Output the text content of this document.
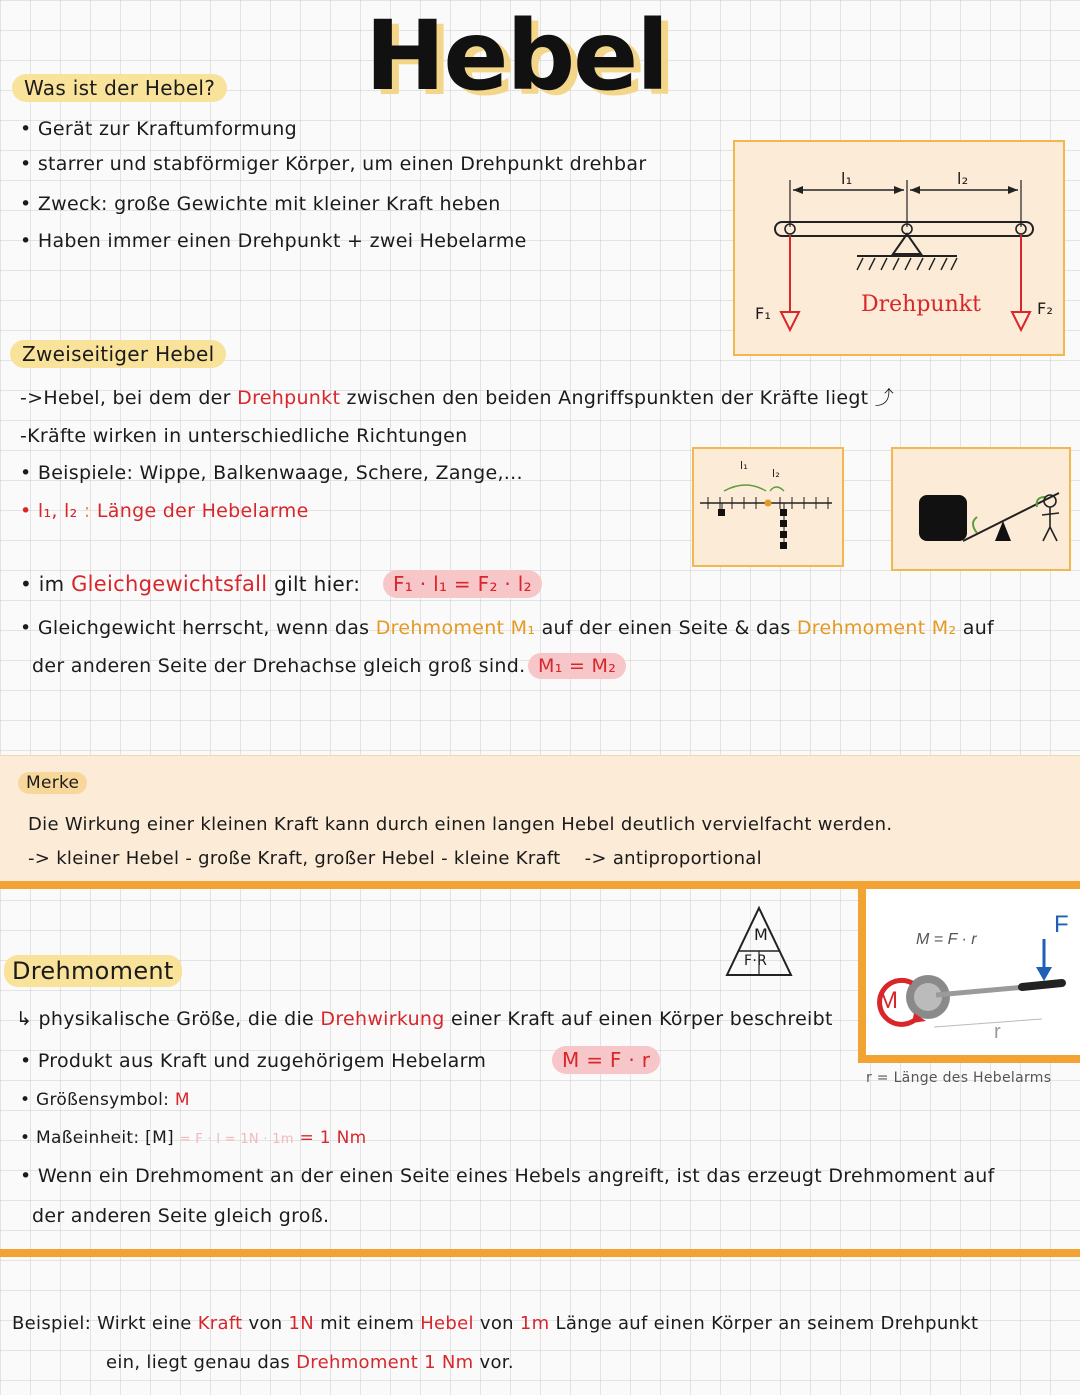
Hebel
Was ist der Hebel?
• Gerät zur Kraftumformung
• starrer und stabförmiger Körper, um einen Drehpunkt drehbar
• Zweck: große Gewichte mit kleiner Kraft heben
• Haben immer einen Drehpunkt + zwei Hebelarme
l₁	l₂
F₁	F₂
Drehpunkt
Zweiseitiger Hebel
->Hebel, bei dem der Drehpunkt zwischen den beiden Angriffspunkten der Kräfte liegt ⤴
-Kräfte wirken in unterschiedliche Richtungen
• Beispiele: Wippe, Balkenwaage, Schere, Zange,...
• l₁, l₂ : Länge der Hebelarme
l₁
l₂
• im Gleichgewichtsfall gilt hier:	F₁ · l₁ = F₂ · l₂
• Gleichgewicht herrscht, wenn das Drehmoment M₁ auf der einen Seite & das Drehmoment M₂ auf
der anderen Seite der Drehachse gleich groß sind. M₁ = M₂
Merke
Die Wirkung einer kleinen Kraft kann durch einen langen Hebel deutlich vervielfacht werden.
-> kleiner Hebel - große Kraft, großer Hebel - kleine Kraft -> antiproportional
Drehmoment
M
F·R
M = F · r
M
F
r
r = Länge des Hebelarms
↳ physikalische Größe, die die Drehwirkung einer Kraft auf einen Körper beschreibt
• Produkt aus Kraft und zugehörigem Hebelarm	M = F · r
• Größensymbol: M
• Maßeinheit: [M] = F · l = 1N · 1m = 1 Nm
• Wenn ein Drehmoment an der einen Seite eines Hebels angreift, ist das erzeugt Drehmoment auf
der anderen Seite gleich groß.
Beispiel: Wirkt eine Kraft von 1N mit einem Hebel von 1m Länge auf einen Körper an seinem Drehpunkt
ein, liegt genau das Drehmoment 1 Nm vor.
